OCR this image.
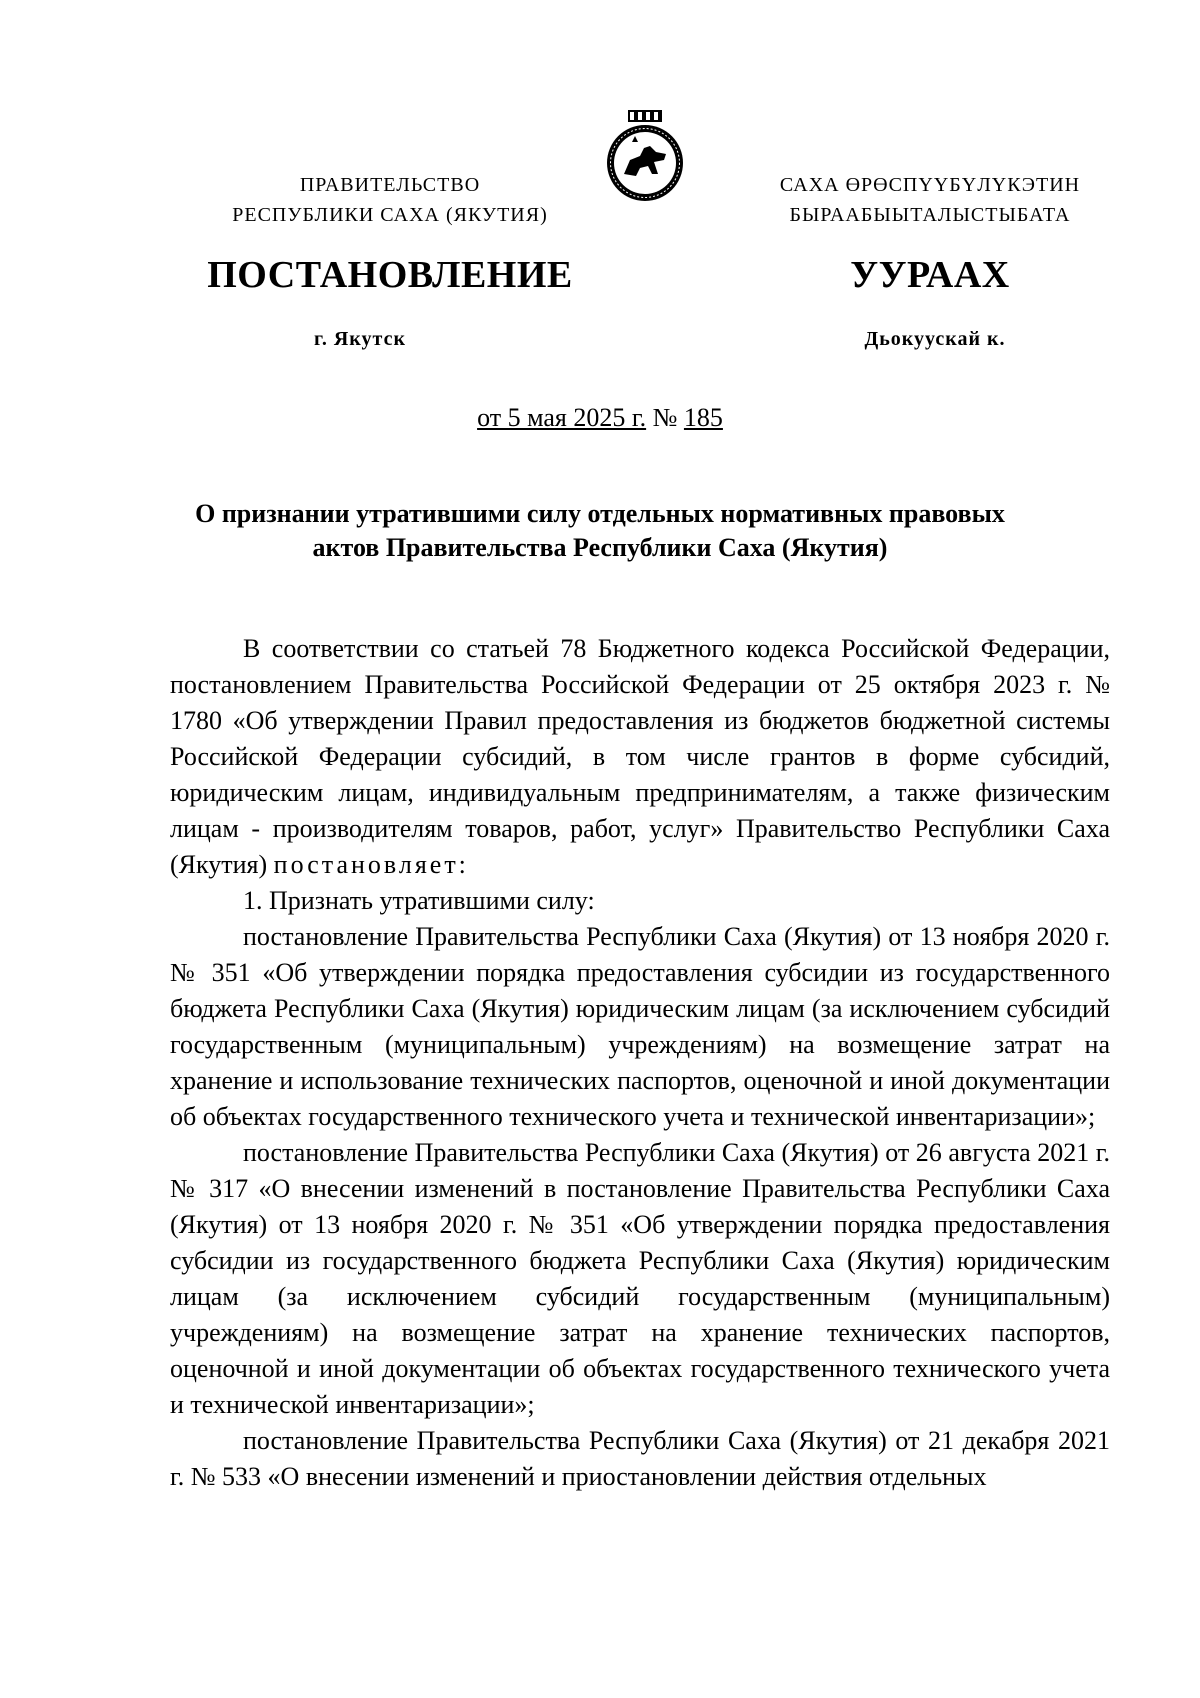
ПРАВИТЕЛЬСТВО
РЕСПУБЛИКИ САХА (ЯКУТИЯ)
САХА ӨРӨСПҮҮБҮЛҮКЭТИН
БЫРААБЫЫТАЛЫСТЫБАТА
ПОСТАНОВЛЕНИЕ	УУРААХ
г. Якутск	Дьокуускай к.
от 5 мая 2025 г. № 185
О признании утратившими силу отдельных нормативных правовых актов Правительства Республики Саха (Якутия)

В соответствии со статьей 78 Бюджетного кодекса Российской Федерации, постановлением Правительства Российской Федерации от 25 октября 2023 г. № 1780 «Об утверждении Правил предоставления из бюджетов бюджетной системы Российской Федерации субсидий, в том числе грантов в форме субсидий, юридическим лицам, индивидуальным предпринимателям, а также физическим лицам - производителям товаров, работ, услуг» Правительство Республики Саха (Якутия) постановляет:

1. Признать утратившими силу:

постановление Правительства Республики Саха (Якутия) от 13 ноября 2020 г. № 351 «Об утверждении порядка предоставления субсидии из государственного бюджета Республики Саха (Якутия) юридическим лицам (за исключением субсидий государственным (муниципальным) учреждениям) на возмещение затрат на хранение и использование технических паспортов, оценочной и иной документации об объектах государственного технического учета и технической инвентаризации»;

постановление Правительства Республики Саха (Якутия) от 26 августа 2021 г. № 317 «О внесении изменений в постановление Правительства Республики Саха (Якутия) от 13 ноября 2020 г. № 351 «Об утверждении порядка предоставления субсидии из государственного бюджета Республики Саха (Якутия) юридическим лицам (за исключением субсидий государственным (муниципальным) учреждениям) на возмещение затрат на хранение технических паспортов, оценочной и иной документации об объектах государственного технического учета и технической инвентаризации»;

постановление Правительства Республики Саха (Якутия) от 21 декабря 2021 г. № 533 «О внесении изменений и приостановлении действия отдельных
